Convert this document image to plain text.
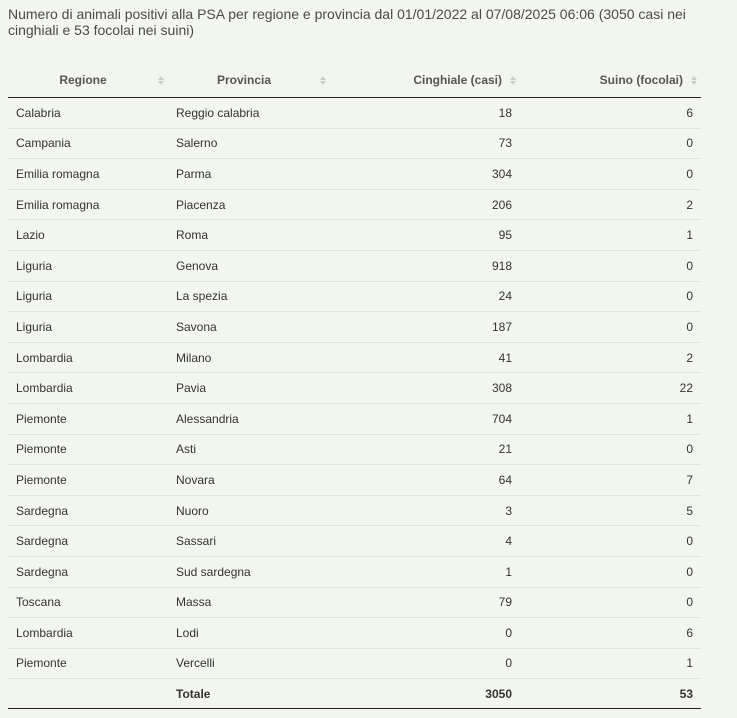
Numero di animali positivi alla PSA per regione e provincia dal 01/01/2022 al 07/08/2025 06:06 (3050 casi nei cinghiali e 53 focolai nei suini)
Regione	Provincia	Cinghiale (casi)	Suino (focolai)

Calabria	Reggio calabria	18	6
Campania	Salerno	73	0
Emilia romagna	Parma	304	0
Emilia romagna	Piacenza	206	2
Lazio	Roma	95	1
Liguria	Genova	918	0
Liguria	La spezia	24	0
Liguria	Savona	187	0
Lombardia	Milano	41	2
Lombardia	Pavia	308	22
Piemonte	Alessandria	704	1
Piemonte	Asti	21	0
Piemonte	Novara	64	7
Sardegna	Nuoro	3	5
Sardegna	Sassari	4	0
Sardegna	Sud sardegna	1	0
Toscana	Massa	79	0
Lombardia	Lodi	0	6
Piemonte	Vercelli	0	1
	Totale	3050	53
